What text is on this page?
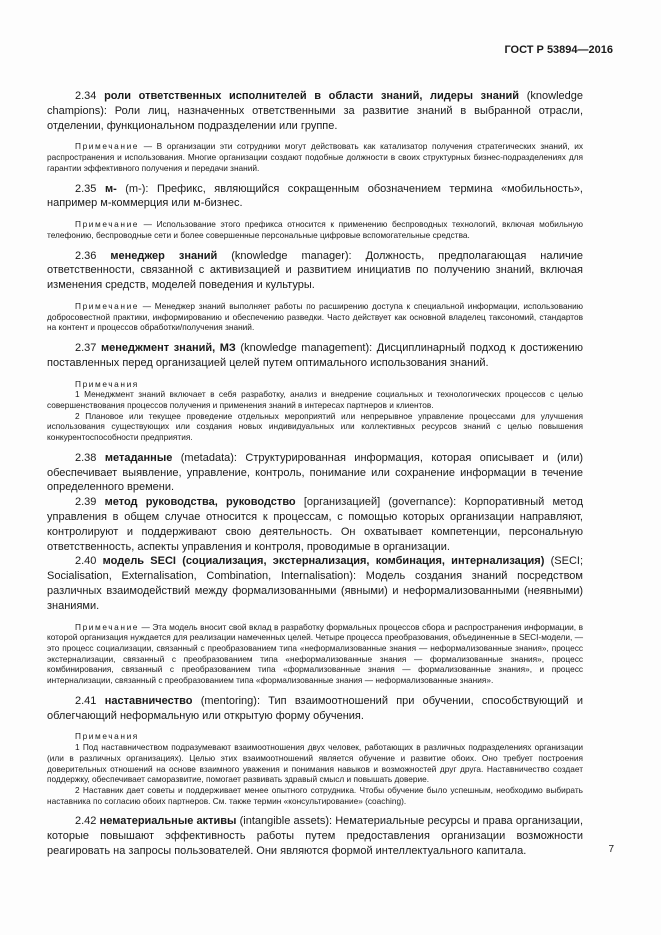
ГОСТ Р 53894—2016

2.34 роли ответственных исполнителей в области знаний, лидеры знаний (knowledge champions): Роли лиц, назначенных ответственными за развитие знаний в выбранной отрасли, отделении, функциональном подразделении или группе.

Примечание — В организации эти сотрудники могут действовать как катализатор получения стратегических знаний, их распространения и использования. Многие организации создают подобные должности в своих структурных бизнес-подразделениях для гарантии эффективного получения и передачи знаний.

2.35 м- (m-): Префикс, являющийся сокращенным обозначением термина «мобильность», например м-коммерция или м-бизнес.

Примечание — Использование этого префикса относится к применению беспроводных технологий, включая мобильную телефонию, беспроводные сети и более совершенные персональные цифровые вспомогательные средства.

2.36 менеджер знаний (knowledge manager): Должность, предполагающая наличие ответственности, связанной с активизацией и развитием инициатив по получению знаний, включая изменения средств, моделей поведения и культуры.

Примечание — Менеджер знаний выполняет работы по расширению доступа к специальной информации, использованию добросовестной практики, информированию и обеспечению разведки. Часто действует как основной владелец таксономий, стандартов на контент и процессов обработки/получения знаний.

2.37 менеджмент знаний, МЗ (knowledge management): Дисциплинарный подход к достижению поставленных перед организацией целей путем оптимального использования знаний.

Примечания

1 Менеджмент знаний включает в себя разработку, анализ и внедрение социальных и технологических процессов с целью совершенствования процессов получения и применения знаний в интересах партнеров и клиентов.

2 Плановое или текущее проведение отдельных мероприятий или непрерывное управление процессами для улучшения использования существующих или создания новых индивидуальных или коллективных ресурсов знаний с целью повышения конкурентоспособности предприятия.

2.38 метаданные (metadata): Структурированная информация, которая описывает и (или) обеспечивает выявление, управление, контроль, понимание или сохранение информации в течение определенного времени.

2.39 метод руководства, руководство [организацией] (governance): Корпоративный метод управления в общем случае относится к процессам, с помощью которых организации направляют, контролируют и поддерживают свою деятельность. Он охватывает компетенции, персональную ответственность, аспекты управления и контроля, проводимые в организации.

2.40 модель SECI (социализация, экстернализация, комбинация, интернализация) (SECI; Socialisation, Externalisation, Combination, Internalisation): Модель создания знаний посредством различных взаимодействий между формализованными (явными) и неформализованными (неявными) знаниями.

Примечание — Эта модель вносит свой вклад в разработку формальных процессов сбора и распространения информации, в которой организация нуждается для реализации намеченных целей. Четыре процесса преобразования, объединенные в SECI-модели, — это процесс социализации, связанный с преобразованием типа «неформализованные знания — неформализованные знания», процесс экстернализации, связанный с преобразованием типа «неформализованные знания — формализованные знания», процесс комбинирования, связанный с преобразованием типа «формализованные знания — формализованные знания», и процесс интернализации, связанный с преобразованием типа «формализованные знания — неформализованные знания».

2.41 наставничество (mentoring): Тип взаимоотношений при обучении, способствующий и облегчающий неформальную или открытую форму обучения.

Примечания

1 Под наставничеством подразумевают взаимоотношения двух человек, работающих в различных подразделениях организации (или в различных организациях). Целью этих взаимоотношений является обучение и развитие обоих. Оно требует построения доверительных отношений на основе взаимного уважения и понимания навыков и возможностей друг друга. Наставничество создает поддержку, обеспечивает саморазвитие, помогает развивать здравый смысл и повышать доверие.

2 Наставник дает советы и поддерживает менее опытного сотрудника. Чтобы обучение было успешным, необходимо выбирать наставника по согласию обоих партнеров. См. также термин «консультирование» (coaching).

2.42 нематериальные активы (intangible assets): Нематериальные ресурсы и права организации, которые повышают эффективность работы путем предоставления организации возможности реагировать на запросы пользователей. Они являются формой интеллектуального капитала.	7
